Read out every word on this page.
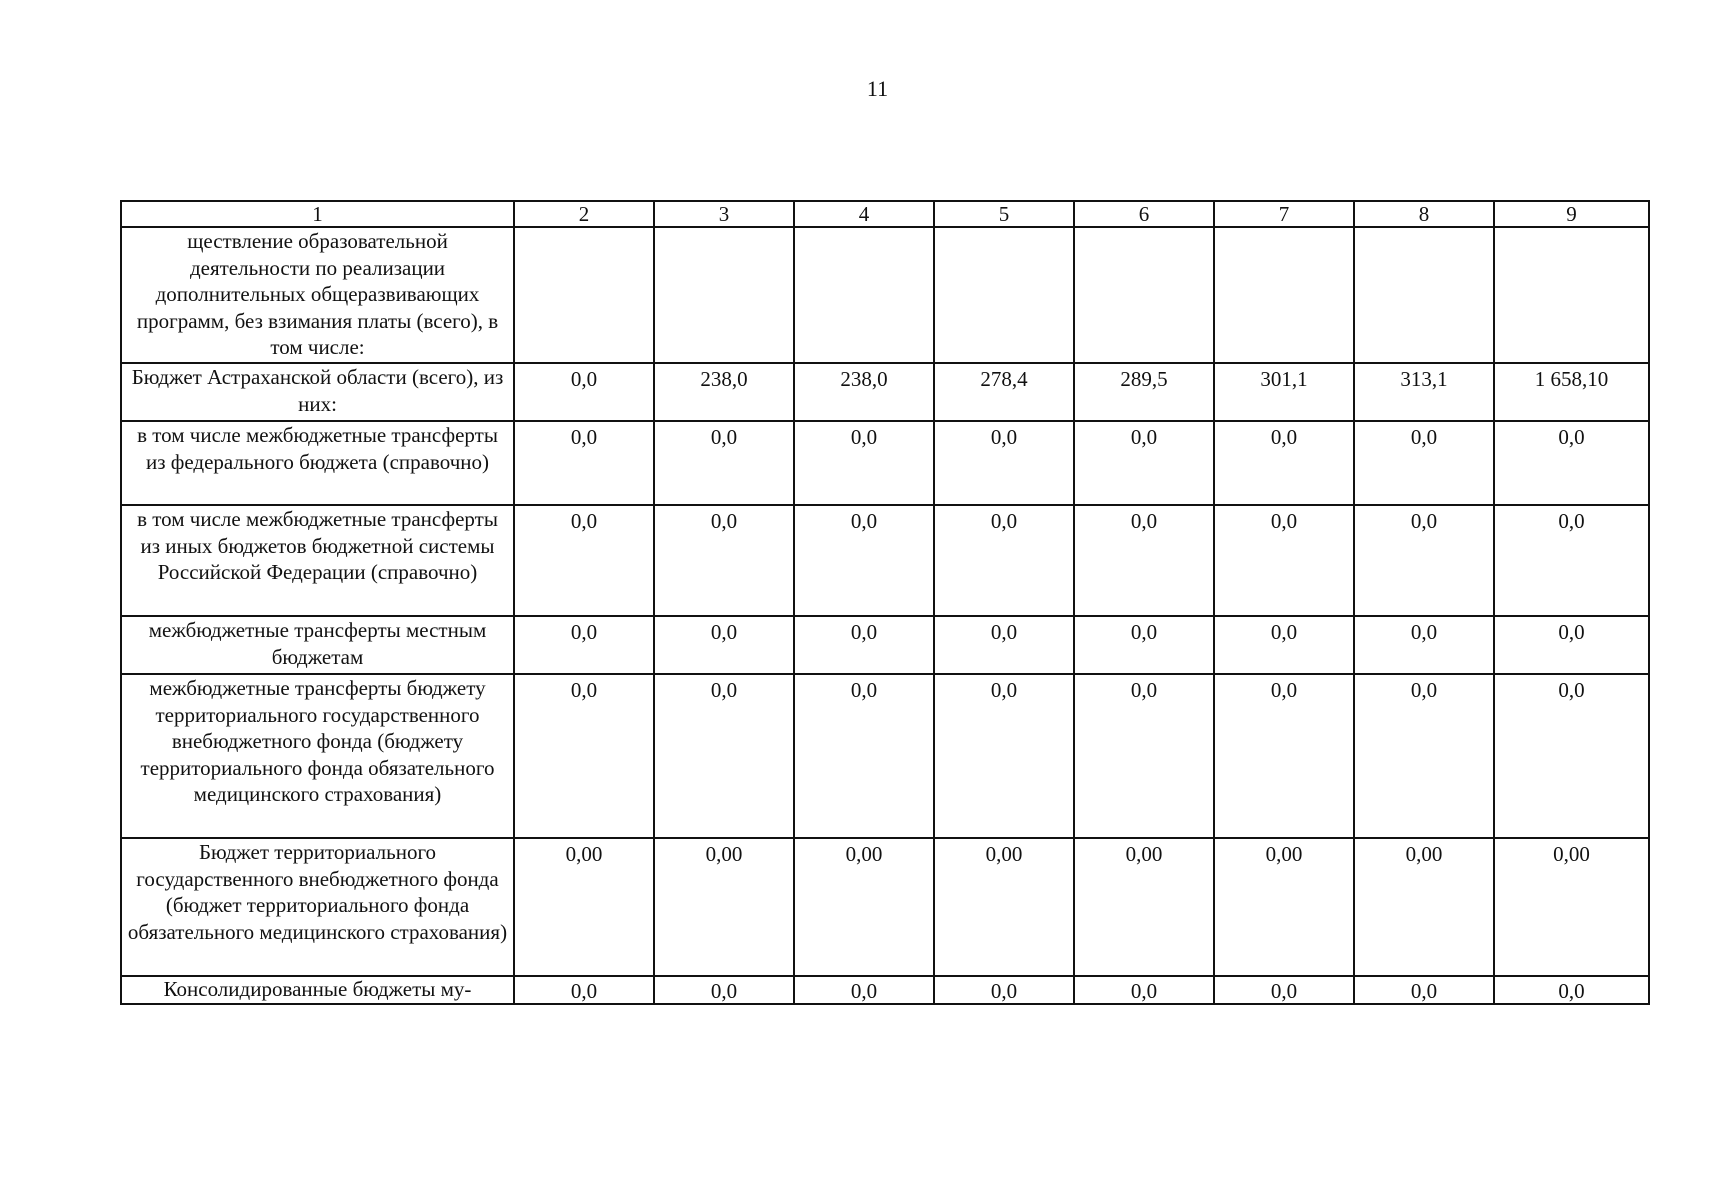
11
1	2	3	4	5	6	7	8	9
ществление образовательной деятельности по реализации дополнительных общеразвивающих программ, без взимания платы (всего), в том числе:								
Бюджет Астраханской области (всего), из них:	0,0	238,0	238,0	278,4	289,5	301,1	313,1	1 658,10
в том числе межбюджетные трансферты из федерального бюджета (справочно)	0,0	0,0	0,0	0,0	0,0	0,0	0,0	0,0
в том числе межбюджетные трансферты из иных бюджетов бюджетной системы Российской Федерации (справочно)	0,0	0,0	0,0	0,0	0,0	0,0	0,0	0,0
межбюджетные трансферты местным бюджетам	0,0	0,0	0,0	0,0	0,0	0,0	0,0	0,0
межбюджетные трансферты бюджету территориального государственного внебюджетного фонда (бюджету территориального фонда обязательного медицинского страхования)	0,0	0,0	0,0	0,0	0,0	0,0	0,0	0,0
Бюджет территориального государственного внебюджетного фонда (бюджет территориального фонда обязательного медицинского страхования)	0,00	0,00	0,00	0,00	0,00	0,00	0,00	0,00
Консолидированные бюджеты му-	0,0	0,0	0,0	0,0	0,0	0,0	0,0	0,0
